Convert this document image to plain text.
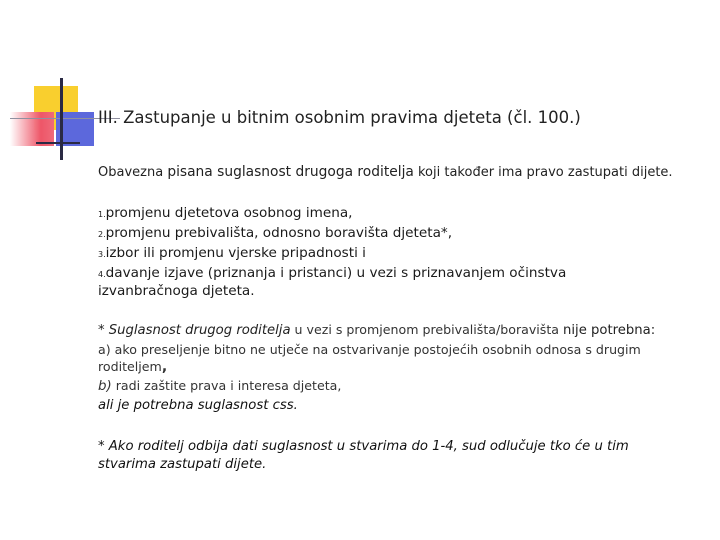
III. Zastupanje u bitnim osobnim pravima djeteta (čl. 100.)

Obavezna pisana suglasnost drugoga roditelja koji također ima pravo zastupati dijete.

1.promjenu djetetova osobnog imena,

2.promjenu prebivališta, odnosno boravišta djeteta*,

3.izbor ili promjenu vjerske pripadnosti i

4.davanje izjave (priznanja i pristanci) u vezi s priznavanjem očinstva

izvanbračnoga djeteta.

* Suglasnost drugog roditelja u vezi s promjenom prebivališta/boravišta nije potrebna:

a) ako preseljenje bitno ne utječe na ostvarivanje postojećih osobnih odnosa s drugim

roditeljem,

b) radi zaštite prava i interesa djeteta,

ali je potrebna suglasnost css.

* Ako roditelj odbija dati suglasnost u stvarima do 1-4, sud odlučuje tko će u tim

stvarima zastupati dijete.
